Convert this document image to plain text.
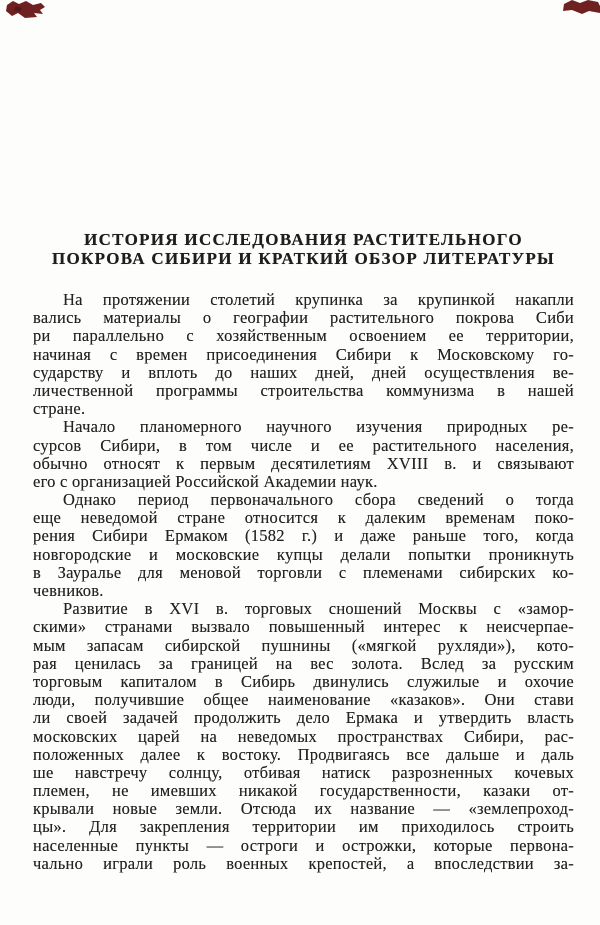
ИСТОРИЯ ИССЛЕДОВАНИЯ РАСТИТЕЛЬНОГО
ПОКРОВА СИБИРИ И КРАТКИЙ ОБЗОР ЛИТЕРАТУРЫ
На протяжении столетий крупинка за крупинкой накапли
вались материалы о географии растительного покрова Сиби
ри параллельно с хозяйственным освоением ее территории,
начиная с времен присоединения Сибири к Московскому го-
сударству и вплоть до наших дней, дней осуществления ве-
личественной программы строительства коммунизма в нашей
стране.
Начало планомерного научного изучения природных ре-
сурсов Сибири, в том числе и ее растительного населения,
обычно относят к первым десятилетиям XVIII в. и связывают
его с организацией Российской Академии наук.
Однако период первоначального сбора сведений о тогда
еще неведомой стране относится к далеким временам поко-
рения Сибири Ермаком (1582 г.) и даже раньше того, когда
новгородские и московские купцы делали попытки проникнуть
в Зауралье для меновой торговли с племенами сибирских ко-
чевников.
Развитие в XVI в. торговых сношений Москвы с «замор-
скими» странами вызвало повышенный интерес к неисчерпае-
мым запасам сибирской пушнины («мягкой рухляди»), кото-
рая ценилась за границей на вес золота. Вслед за русским
торговым капиталом в Сибирь двинулись служилые и охочие
люди, получившие общее наименование «казаков». Они стави
ли своей задачей продолжить дело Ермака и утвердить власть
московских царей на неведомых пространствах Сибири, рас-
положенных далее к востоку. Продвигаясь все дальше и даль
ше навстречу солнцу, отбивая натиск разрозненных кочевых
племен, не имевших никакой государственности, казаки от-
крывали новые земли. Отсюда их название — «землепроход-
цы». Для закрепления территории им приходилось строить
населенные пункты — остроги и острожки, которые первона-
чально играли роль военных крепостей, а впоследствии за-
